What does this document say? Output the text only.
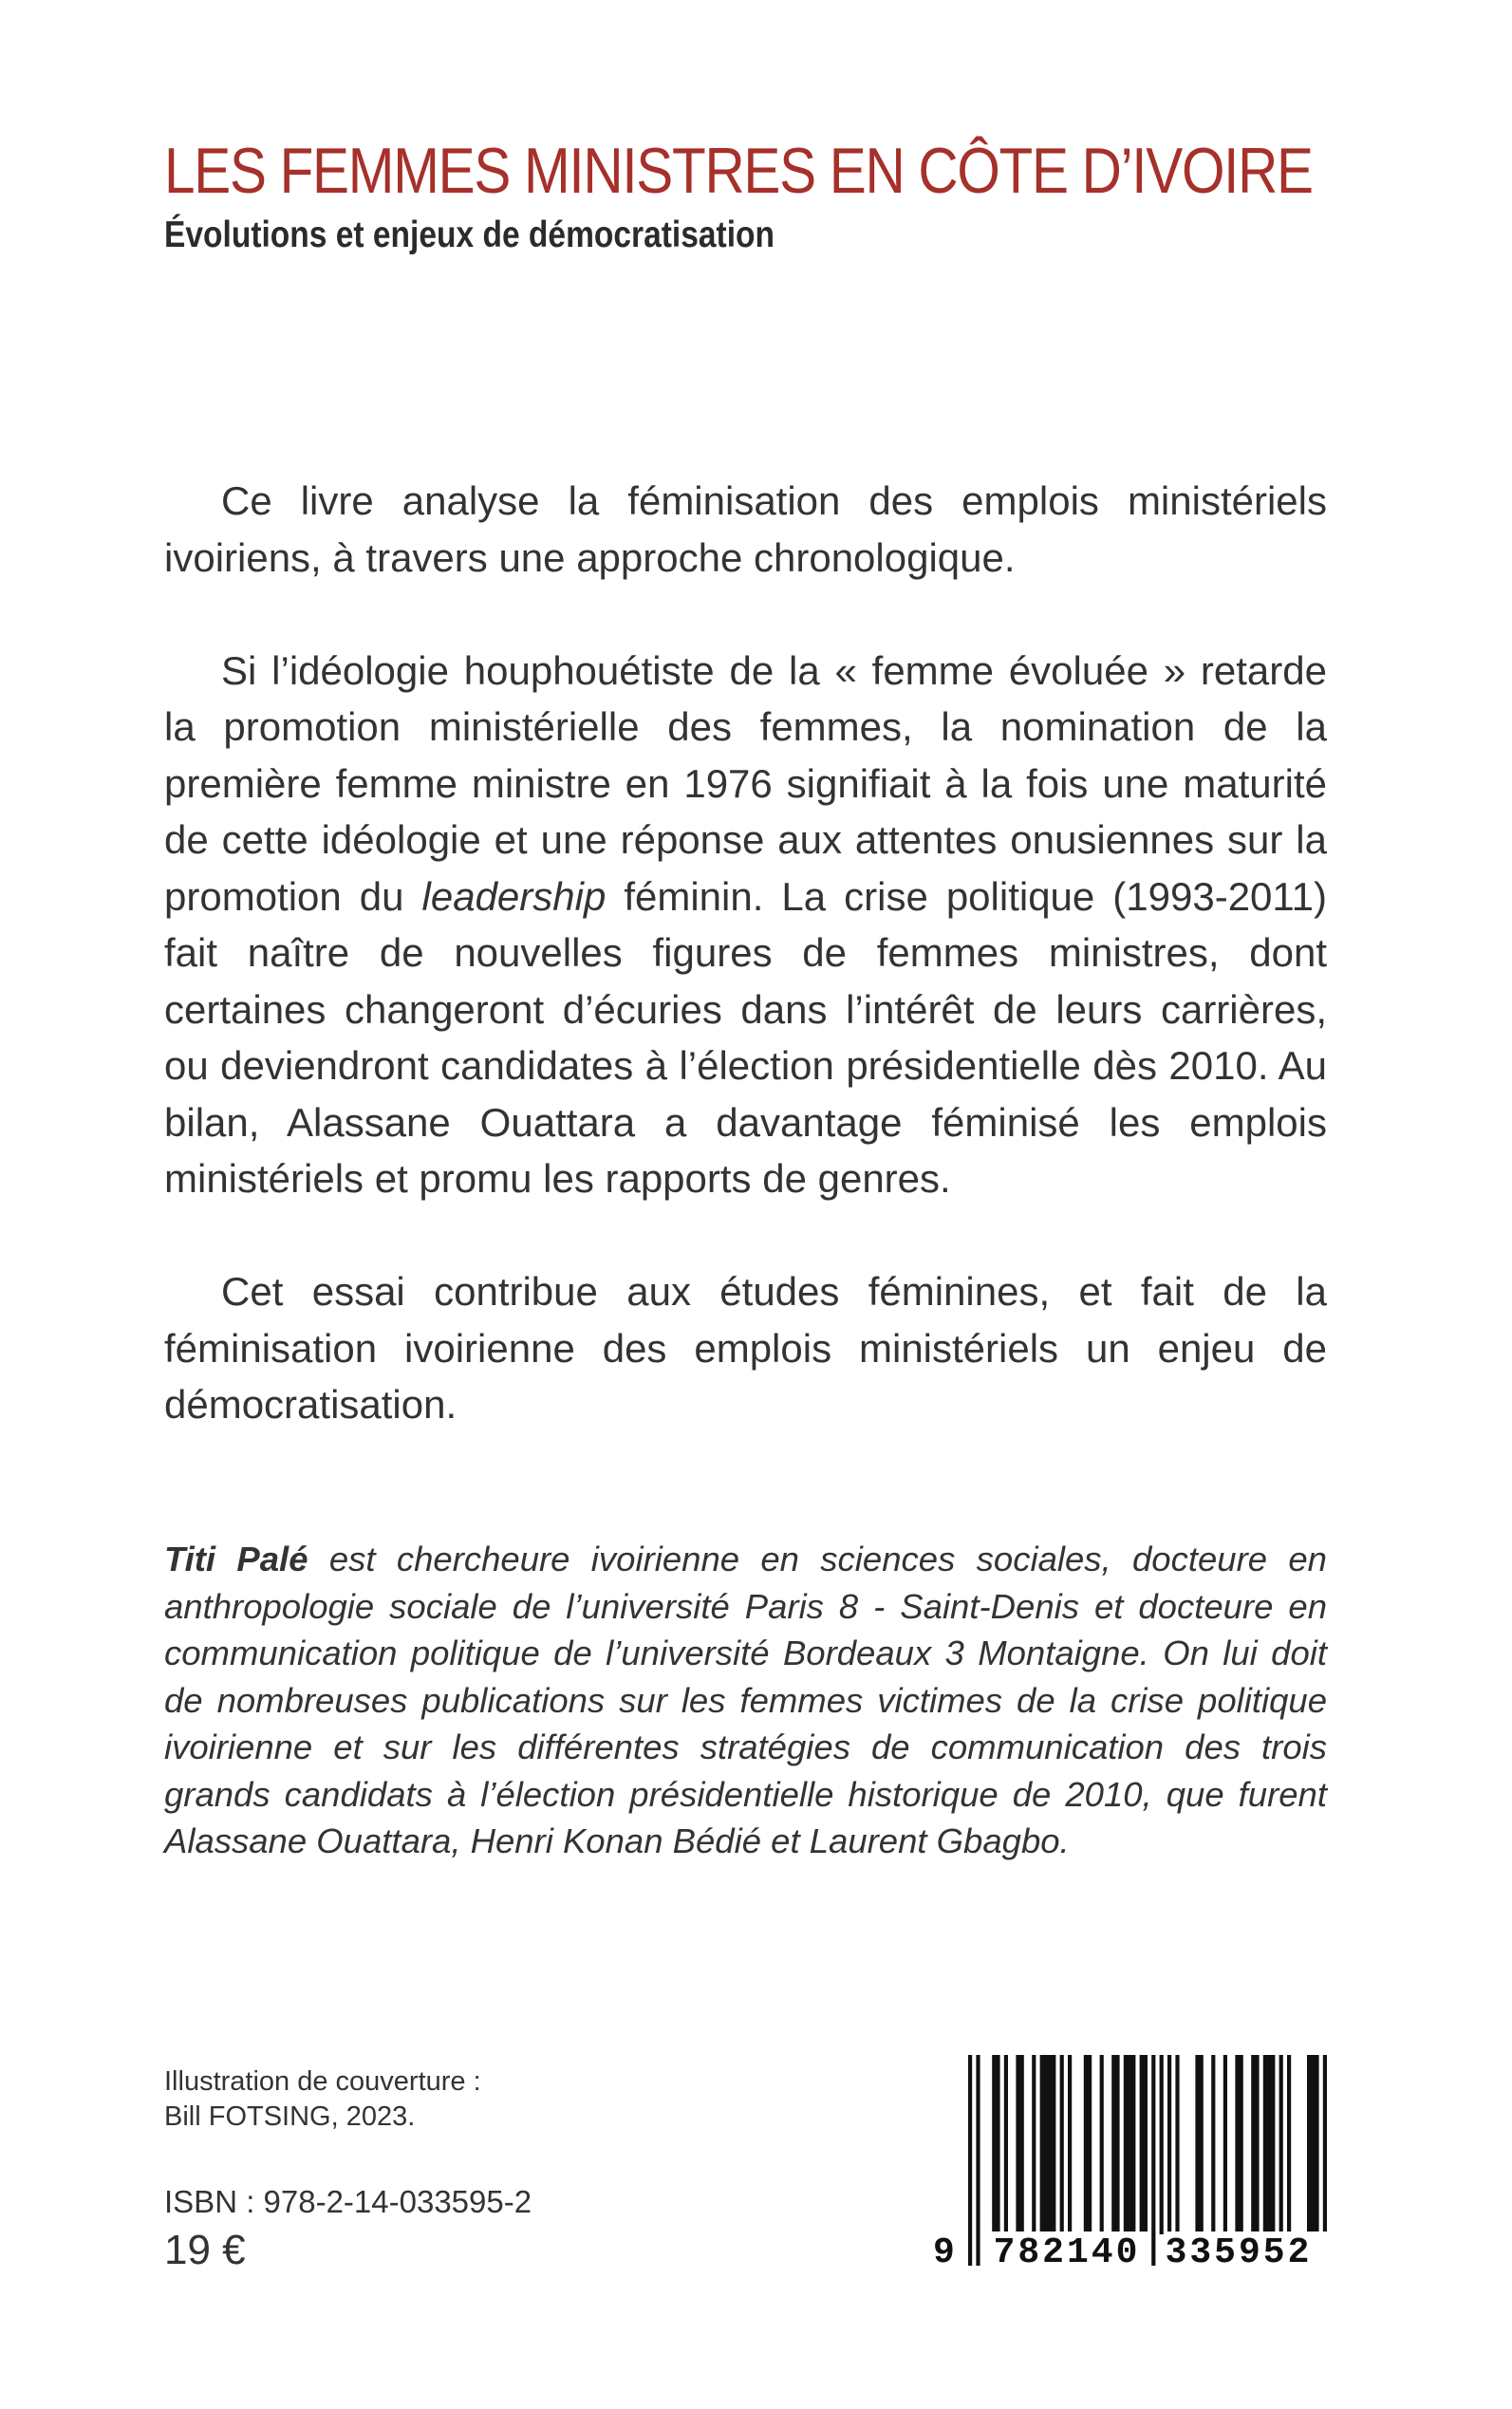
LES FEMMES MINISTRES EN CÔTE D’IVOIRE
Évolutions et enjeux de démocratisation

Ce livre analyse la féminisation des emplois ministériels ivoiriens, à travers une approche chronologique.

Si l’idéologie houphouétiste de la « femme évoluée » retarde la promotion ministérielle des femmes, la nomination de la première femme ministre en 1976 signifiait à la fois une maturité de cette idéologie et une réponse aux attentes onusiennes sur la promotion du leadership féminin. La crise politique (1993-2011) fait naître de nouvelles figures de femmes ministres, dont certaines changeront d’écuries dans l’intérêt de leurs carrières, ou deviendront candidates à l’élection présidentielle dès 2010. Au bilan, Alassane Ouattara a davantage féminisé les emplois ministériels et promu les rapports de genres.

Cet essai contribue aux études féminines, et fait de la féminisation ivoirienne des emplois ministériels un enjeu de démocratisation.

Titi Palé est chercheure ivoirienne en sciences sociales, docteure en anthropologie sociale de l’université Paris 8 - Saint-Denis et docteure en communication politique de l’université Bordeaux 3 Montaigne. On lui doit de nombreuses publications sur les femmes victimes de la crise politique ivoirienne et sur les différentes stratégies de communication des trois grands candidats à l’élection présidentielle historique de 2010, que furent Alassane Ouattara, Henri Konan Bédié et Laurent Gbagbo.

Illustration de couverture :
Bill FOTSING, 2023.
ISBN : 978-2-14-033595-2
19 €	9 782140 335952
